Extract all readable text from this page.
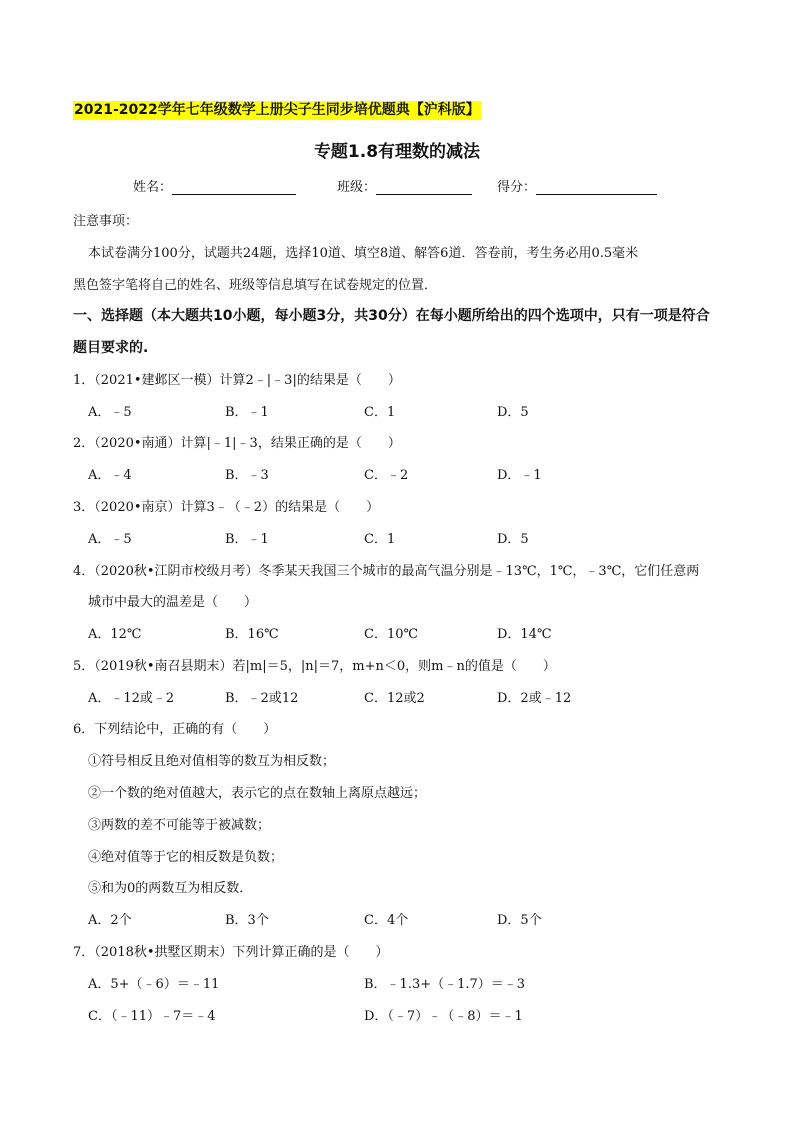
2021-2022学年七年级数学上册尖子生同步培优题典【沪科版】
专题1.8有理数的减法
姓名：	班级：	得分：
注意事项：
本试卷满分100分，试题共24题，选择10道、填空8道、解答6道．答卷前，考生务必用0.5毫米
黑色签字笔将自己的姓名、班级等信息填写在试卷规定的位置．
一、选择题（本大题共10小题，每小题3分，共30分）在每小题所给出的四个选项中，只有一项是符合
题目要求的.
1．（2021•建邺区一模）计算2﹣|﹣3|的结果是（　　）
A．﹣5	B．﹣1	C．1	D．5
2．（2020•南通）计算|﹣1|﹣3，结果正确的是（　　）
A．﹣4	B．﹣3	C．﹣2	D．﹣1
3．（2020•南京）计算3﹣（﹣2）的结果是（　　）
A．﹣5	B．﹣1	C．1	D．5
4．（2020秋•江阴市校级月考）冬季某天我国三个城市的最高气温分别是﹣13℃，1℃，﹣3℃，它们任意两
城市中最大的温差是（　　）
A．12℃	B．16℃	C．10℃	D．14℃
5．（2019秋•南召县期末）若|m|＝5，|n|＝7，m+n＜0，则m﹣n的值是（　　）
A．﹣12或﹣2	B．﹣2或12	C．12或2	D．2或﹣12
6．下列结论中，正确的有（　　）
①符号相反且绝对值相等的数互为相反数；
②一个数的绝对值越大，表示它的点在数轴上离原点越远；
③两数的差不可能等于被减数；
④绝对值等于它的相反数是负数；
⑤和为0的两数互为相反数．
A．2个	B．3个	C．4个	D．5个
7．（2018秋•拱墅区期末）下列计算正确的是（　　）
A．5+（﹣6）＝﹣11	B．﹣1.3+（﹣1.7）＝﹣3
C．（﹣11）﹣7＝﹣4	D．（﹣7）﹣（﹣8）＝﹣1
